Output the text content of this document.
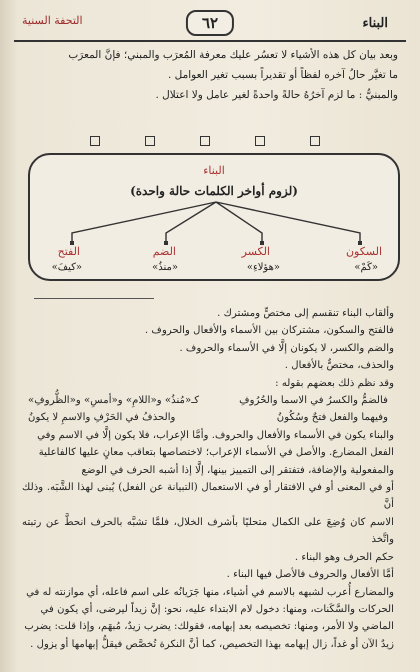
البناء
٦٢
التحفة السنية

وبعد بيان كل هذه الأشياء لا تعسُر عليك معرفة المُعرَب والمبني؛ فإنَّ المعرَب

ما تغيَّر حالُ آخره لفظاً أو تقديراً بسبب تغير العوامل .

والمبنيُّ : ما لزم آخرُهُ حالةً واحدةً لغير عامل ولا اعتلال .

البناء
(لزوم أواخر الكلمات حالة واحدة)
السكون
«كَمْ»
الكسر
«هؤلاءِ»
الضم
«منذُ»
الفتح
«كيفَ»

وألقاب البناء تنقسم إلى مختصٍّ ومشترك .

فالفتح والسكون، مشتركان بين الأسماء والأفعال والحروف .

والضم والكسر، لا يكونان إلَّا في الأسماء والحروف .

والحذف، مختصٌّ بالأفعال .

وقد نظم ذلك بعضهم بقوله :

فالضمُّ والكسرُ في الاسما والحُرُوفِ
كـ«مُنذُ» و«اللامِ» و«أمسِ» و«الظُّروفِ»
وفيهما والفعل فتحٌ وسُكُونُ
والحذفُ في الحَرْفِ والاسمِ لا يكونُ

والبناء يكون في الأسماء والأفعال والحروف. وأمَّا الإعراب، فلا يكون إلَّا في الاسم وفي

الفعل المضارع. والأصل في الأسماء الإعراب؛ لاختصاصها بتعاقب معانٍ عليها كالفاعلية

والمفعولية والإضافة، فتفتقر إلى التمييز بينها، إلَّا إذا أشبه الحرف في الوضع

أو في المعنى أو في الافتقار أو في الاستعمال (التبيانة عن الفعل) يُبنى لهذا الشَّبَه. وذلك أنَّ

الاسم كان وُضِعَ على الكمال متحليًا بأشرف الخلال، فلمَّا تشبَّه بالحرف انحطَّ عن رتبته واتَّخذ

حكم الحرف وهو البناء .

أمَّا الأفعال والحروف فالأصل فيها البناء .

والمضارع أُعرب لشبهه بالاسم في أشياء، منها جَرَيانُه على اسم فاعله، أي موازنته له في

الحركات والسَّكَنات، ومنها: دخول لام الابتداء عليه، نحو: إنَّ زيداً ليرضى، أي يكون في

الماضي ولا الأمر، ومنها: تخصيصه بعد إبهامه، فقولك: يضرب زيدٌ، مُبهَم، وإذا قلت: يضرب

زيدٌ الآن أو غداً، زال إبهامه بهذا التخصيص، كما أنَّ النكرة تُخصَّص فيقلُّ إبهامها أو يزول .
